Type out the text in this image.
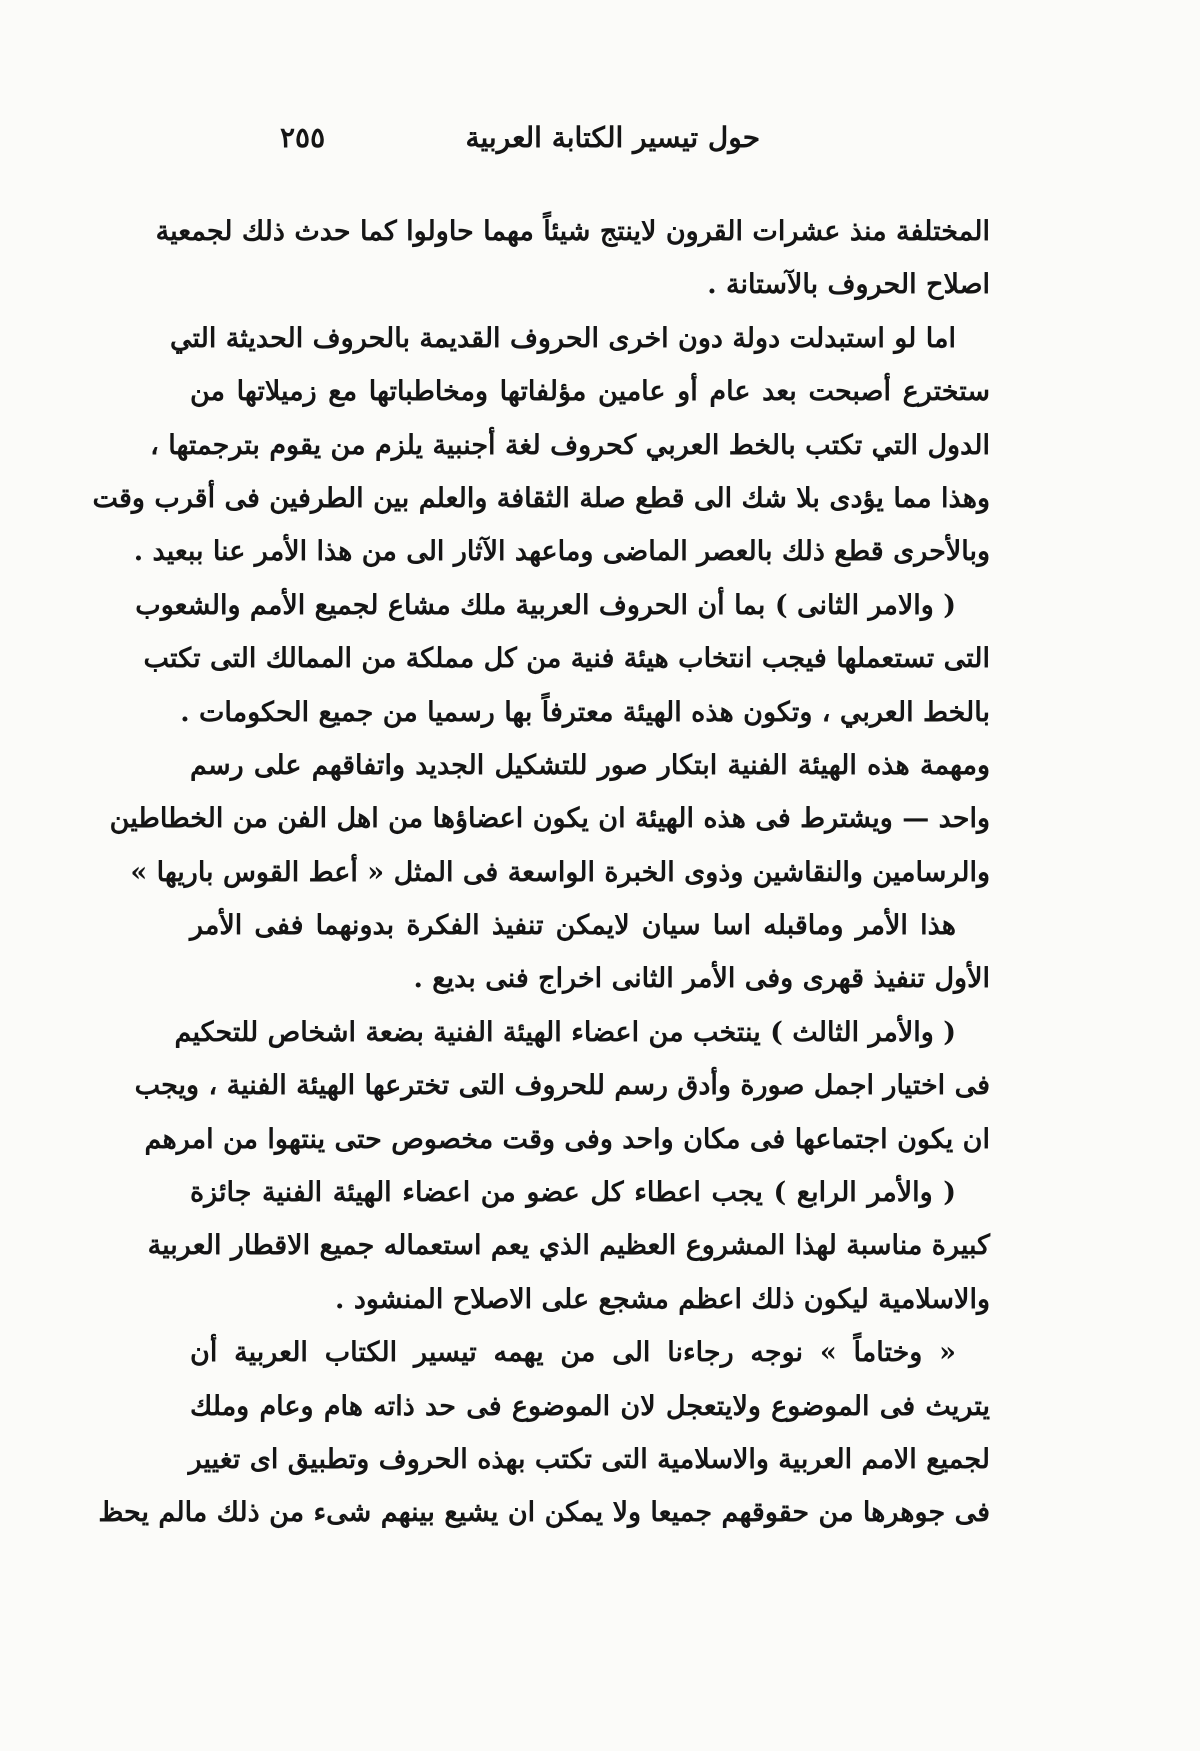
حول تيسير الكتابة العربية
٢٥٥
المختلفة منذ عشرات القرون لاينتج شيئاً مهما حاولوا كما حدث ذلك لجمعية
اصلاح الحروف بالآستانة .
اما لو استبدلت دولة دون اخرى الحروف القديمة بالحروف الحديثة التي
ستخترع أصبحت بعد عام أو عامين مؤلفاتها ومخاطباتها مع زميلاتها من
الدول التي تكتب بالخط العربي كحروف لغة أجنبية يلزم من يقوم بترجمتها ،
وهذا مما يؤدى بلا شك الى قطع صلة الثقافة والعلم بين الطرفين فى أقرب وقت
وبالأحرى قطع ذلك بالعصر الماضى وماعهد الآثار الى من هذا الأمر عنا ببعيد .
( والامر الثانى ) بما أن الحروف العربية ملك مشاع لجميع الأمم والشعوب
التى تستعملها فيجب انتخاب هيئة فنية من كل مملكة من الممالك التى تكتب
بالخط العربي ، وتكون هذه الهيئة معترفاً بها رسميا من جميع الحكومات .
ومهمة هذه الهيئة الفنية ابتكار صور للتشكيل الجديد واتفاقهم على رسم
واحد — ويشترط فى هذه الهيئة ان يكون اعضاؤها من اهل الفن من الخطاطين
والرسامين والنقاشين وذوى الخبرة الواسعة فى المثل « أعط القوس باريها »
هذا الأمر وماقبله اسا سيان لايمكن تنفيذ الفكرة بدونهما ففى الأمر
الأول تنفيذ قهرى وفى الأمر الثانى اخراج فنى بديع .
( والأمر الثالث ) ينتخب من اعضاء الهيئة الفنية بضعة اشخاص للتحكيم
فى اختيار اجمل صورة وأدق رسم للحروف التى تخترعها الهيئة الفنية ، ويجب
ان يكون اجتماعها فى مكان واحد وفى وقت مخصوص حتى ينتهوا من امرهم
( والأمر الرابع ) يجب اعطاء كل عضو من اعضاء الهيئة الفنية جائزة
كبيرة مناسبة لهذا المشروع العظيم الذي يعم استعماله جميع الاقطار العربية
والاسلامية ليكون ذلك اعظم مشجع على الاصلاح المنشود .
« وختاماً » نوجه رجاءنا الى من يهمه تيسير الكتاب العربية أن
يتريث فى الموضوع ولايتعجل لان الموضوع فى حد ذاته هام وعام وملك
لجميع الامم العربية والاسلامية التى تكتب بهذه الحروف وتطبيق اى تغيير
فى جوهرها من حقوقهم جميعا ولا يمكن ان يشيع بينهم شىء من ذلك مالم يحظ
